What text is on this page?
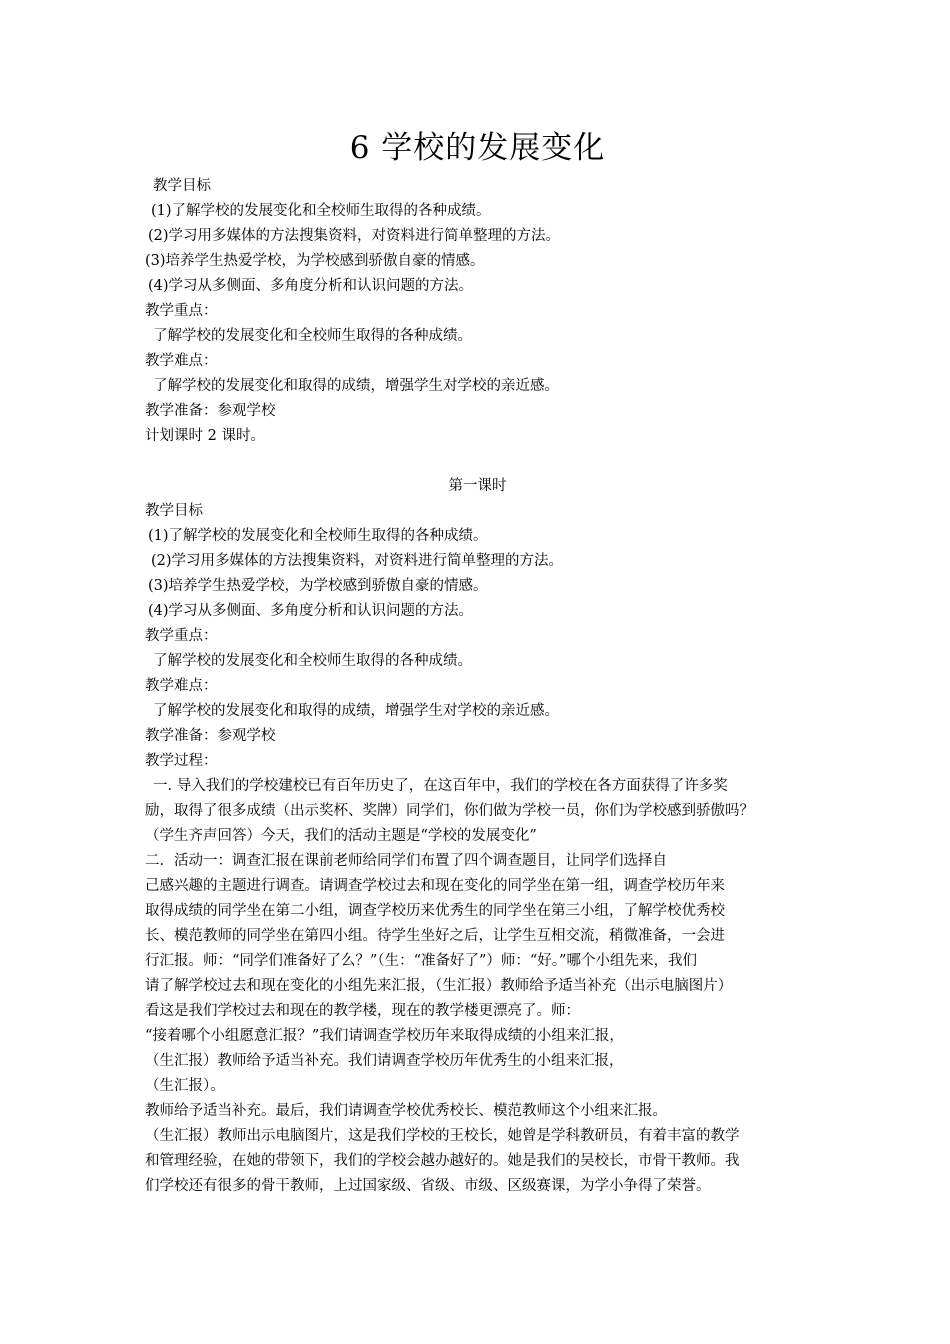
6 学校的发展变化
教学目标
(1)了解学校的发展变化和全校师生取得的各种成绩。
(2)学习用多媒体的方法搜集资料，对资料进行简单整理的方法。
(3)培养学生热爱学校，为学校感到骄傲自豪的情感。
(4)学习从多侧面、多角度分析和认识问题的方法。
教学重点：
了解学校的发展变化和全校师生取得的各种成绩。
教学难点：
了解学校的发展变化和取得的成绩，增强学生对学校的亲近感。
教学准备：参观学校
计划课时 2 课时。
第一课时
教学目标
(1)了解学校的发展变化和全校师生取得的各种成绩。
(2)学习用多媒体的方法搜集资料，对资料进行简单整理的方法。
(3)培养学生热爱学校，为学校感到骄傲自豪的情感。
(4)学习从多侧面、多角度分析和认识问题的方法。
教学重点：
了解学校的发展变化和全校师生取得的各种成绩。
教学难点：
了解学校的发展变化和取得的成绩，增强学生对学校的亲近感。
教学准备：参观学校
教学过程：
一. 导入我们的学校建校已有百年历史了，在这百年中，我们的学校在各方面获得了许多奖
励，取得了很多成绩（出示奖杯、奖牌）同学们，你们做为学校一员，你们为学校感到骄傲吗？
（学生齐声回答）今天，我们的活动主题是“学校的发展变化”
二．活动一：调查汇报在课前老师给同学们布置了四个调查题目，让同学们选择自
己感兴趣的主题进行调查。请调查学校过去和现在变化的同学坐在第一组，调查学校历年来
取得成绩的同学坐在第二小组，调查学校历来优秀生的同学坐在第三小组，了解学校优秀校
长、模范教师的同学坐在第四小组。待学生坐好之后，让学生互相交流，稍微准备，一会进
行汇报。师：“同学们准备好了么？”（生：“准备好了”）师：“好。”哪个小组先来，我们
请了解学校过去和现在变化的小组先来汇报，（生汇报）教师给予适当补充（出示电脑图片）
看这是我们学校过去和现在的教学楼，现在的教学楼更漂亮了。师：
“接着哪个小组愿意汇报？”我们请调查学校历年来取得成绩的小组来汇报，
（生汇报）教师给予适当补充。我们请调查学校历年优秀生的小组来汇报，
（生汇报）。
教师给予适当补充。最后，我们请调查学校优秀校长、模范教师这个小组来汇报。
（生汇报）教师出示电脑图片，这是我们学校的王校长，她曾是学科教研员，有着丰富的教学
和管理经验，在她的带领下，我们的学校会越办越好的。她是我们的吴校长，市骨干教师。我
们学校还有很多的骨干教师，上过国家级、省级、市级、区级赛课，为学小争得了荣誉。
